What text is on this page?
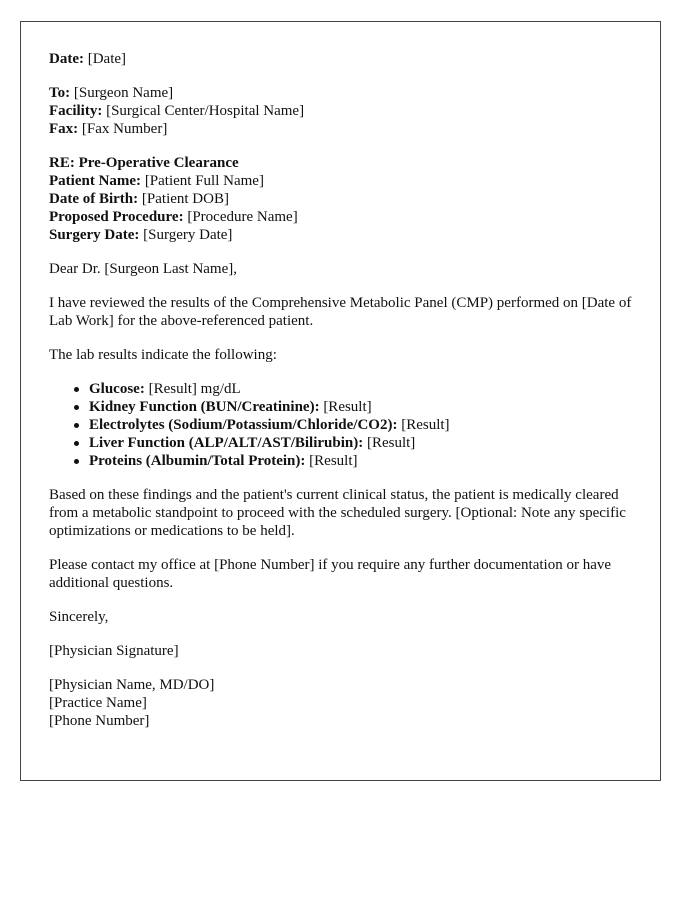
Date: [Date]
To: [Surgeon Name]
Facility: [Surgical Center/Hospital Name]
Fax: [Fax Number]
RE: Pre-Operative Clearance
Patient Name: [Patient Full Name]
Date of Birth: [Patient DOB]
Proposed Procedure: [Procedure Name]
Surgery Date: [Surgery Date]

Dear Dr. [Surgeon Last Name],

I have reviewed the results of the Comprehensive Metabolic Panel (CMP) performed on [Date of Lab Work] for the above-referenced patient.

The lab results indicate the following:

Glucose: [Result] mg/dL
Kidney Function (BUN/Creatinine): [Result]
Electrolytes (Sodium/Potassium/Chloride/CO2): [Result]
Liver Function (ALP/ALT/AST/Bilirubin): [Result]
Proteins (Albumin/Total Protein): [Result]

Based on these findings and the patient's current clinical status, the patient is medically cleared from a metabolic standpoint to proceed with the scheduled surgery. [Optional: Note any specific optimizations or medications to be held].

Please contact my office at [Phone Number] if you require any further documentation or have additional questions.

Sincerely,

[Physician Signature]

[Physician Name, MD/DO]
[Practice Name]
[Phone Number]
